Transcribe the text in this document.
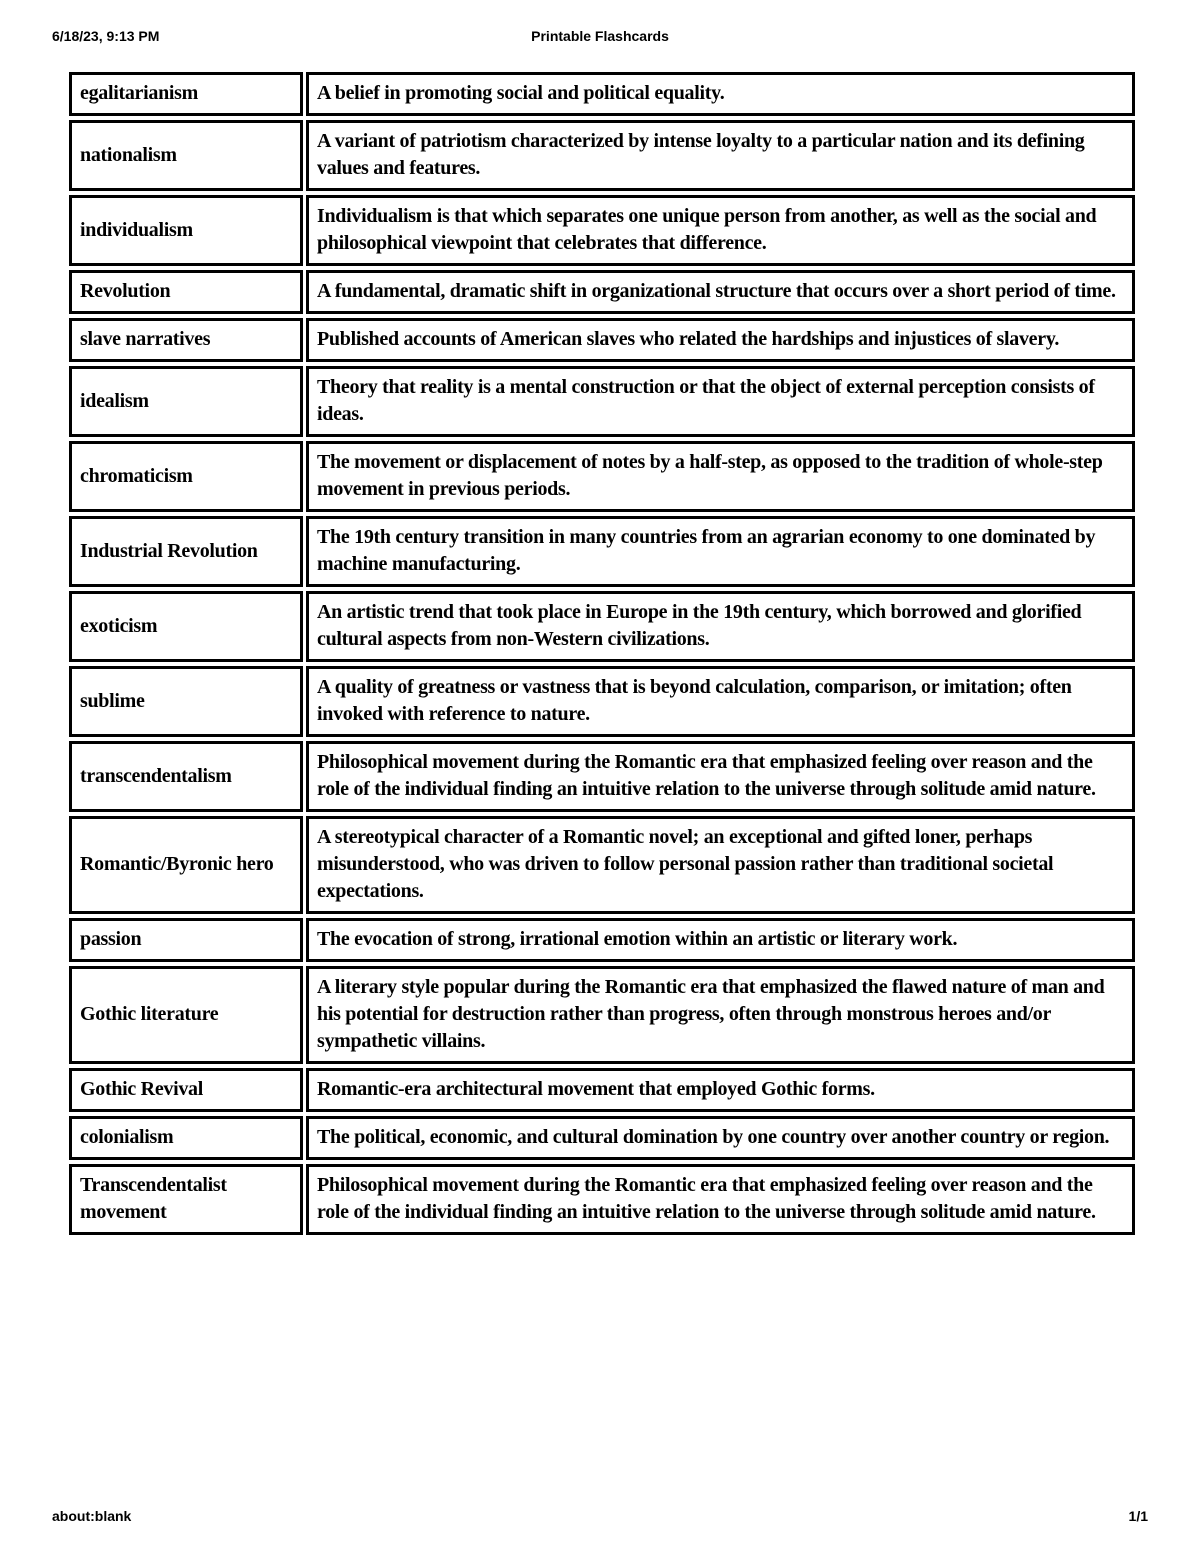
6/18/23, 9:13 PM	Printable Flashcards
egalitarianism		A belief in promoting social and political equality.
nationalism		A variant of patriotism characterized by intense loyalty to a particular nation and its defining values and features.
individualism		Individualism is that which separates one unique person from another, as well as the social and philosophical viewpoint that celebrates that difference.
Revolution		A fundamental, dramatic shift in organizational structure that occurs over a short period of time.
slave narratives		Published accounts of American slaves who related the hardships and injustices of slavery.
idealism		Theory that reality is a mental construction or that the object of external perception consists of ideas.
chromaticism		The movement or displacement of notes by a half-step, as opposed to the tradition of whole-step movement in previous periods.
Industrial Revolution		The 19th century transition in many countries from an agrarian economy to one dominated by machine manufacturing.
exoticism		An artistic trend that took place in Europe in the 19th century, which borrowed and glorified cultural aspects from non-Western civilizations.
sublime		A quality of greatness or vastness that is beyond calculation, comparison, or imitation; often invoked with reference to nature.
transcendentalism		Philosophical movement during the Romantic era that emphasized feeling over reason and the role of the individual finding an intuitive relation to the universe through solitude amid nature.
Romantic/Byronic hero		A stereotypical character of a Romantic novel; an exceptional and gifted loner, perhaps misunderstood, who was driven to follow personal passion rather than traditional societal expectations.
passion		The evocation of strong, irrational emotion within an artistic or literary work.
Gothic literature		A literary style popular during the Romantic era that emphasized the flawed nature of man and his potential for destruction rather than progress, often through monstrous heroes and/or sympathetic villains.
Gothic Revival		Romantic-era architectural movement that employed Gothic forms.
colonialism		The political, economic, and cultural domination by one country over another country or region.
Transcendentalist movement		Philosophical movement during the Romantic era that emphasized feeling over reason and the role of the individual finding an intuitive relation to the universe through solitude amid nature.
about:blank	1/1
